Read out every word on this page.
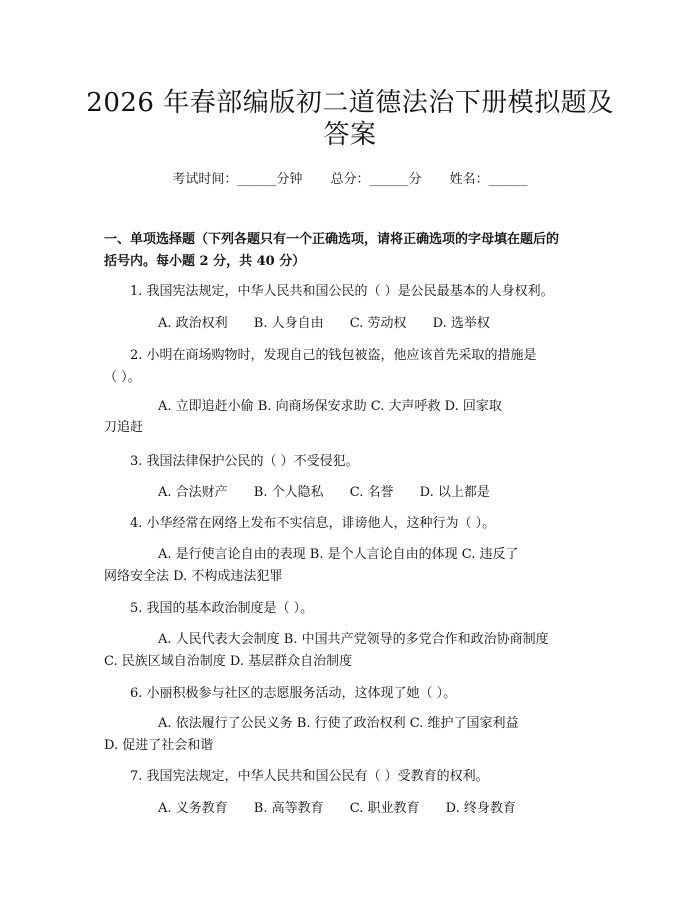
2026 年春部编版初二道德法治下册模拟题及
答案
考试时间：______分钟 总分：______分 姓名：______
一、单项选择题（下列各题只有一个正确选项，请将正确选项的字母填在题后的
括号内。每小题 2 分，共 40 分）
1. 我国宪法规定，中华人民共和国公民的（ ）是公民最基本的人身权利。
A. 政治权利 B. 人身自由 C. 劳动权 D. 选举权
2. 小明在商场购物时，发现自己的钱包被盗，他应该首先采取的措施是
（ ）。
A. 立即追赶小偷 B. 向商场保安求助 C. 大声呼救 D. 回家取
刀追赶
3. 我国法律保护公民的（ ）不受侵犯。
A. 合法财产 B. 个人隐私 C. 名誉 D. 以上都是
4. 小华经常在网络上发布不实信息，诽谤他人，这种行为（ ）。
A. 是行使言论自由的表现 B. 是个人言论自由的体现 C. 违反了
网络安全法 D. 不构成违法犯罪
5. 我国的基本政治制度是（ ）。
A. 人民代表大会制度 B. 中国共产党领导的多党合作和政治协商制度
C. 民族区域自治制度 D. 基层群众自治制度
6. 小丽积极参与社区的志愿服务活动，这体现了她（ ）。
A. 依法履行了公民义务 B. 行使了政治权利 C. 维护了国家利益
D. 促进了社会和谐
7. 我国宪法规定，中华人民共和国公民有（ ）受教育的权利。
A. 义务教育 B. 高等教育 C. 职业教育 D. 终身教育
